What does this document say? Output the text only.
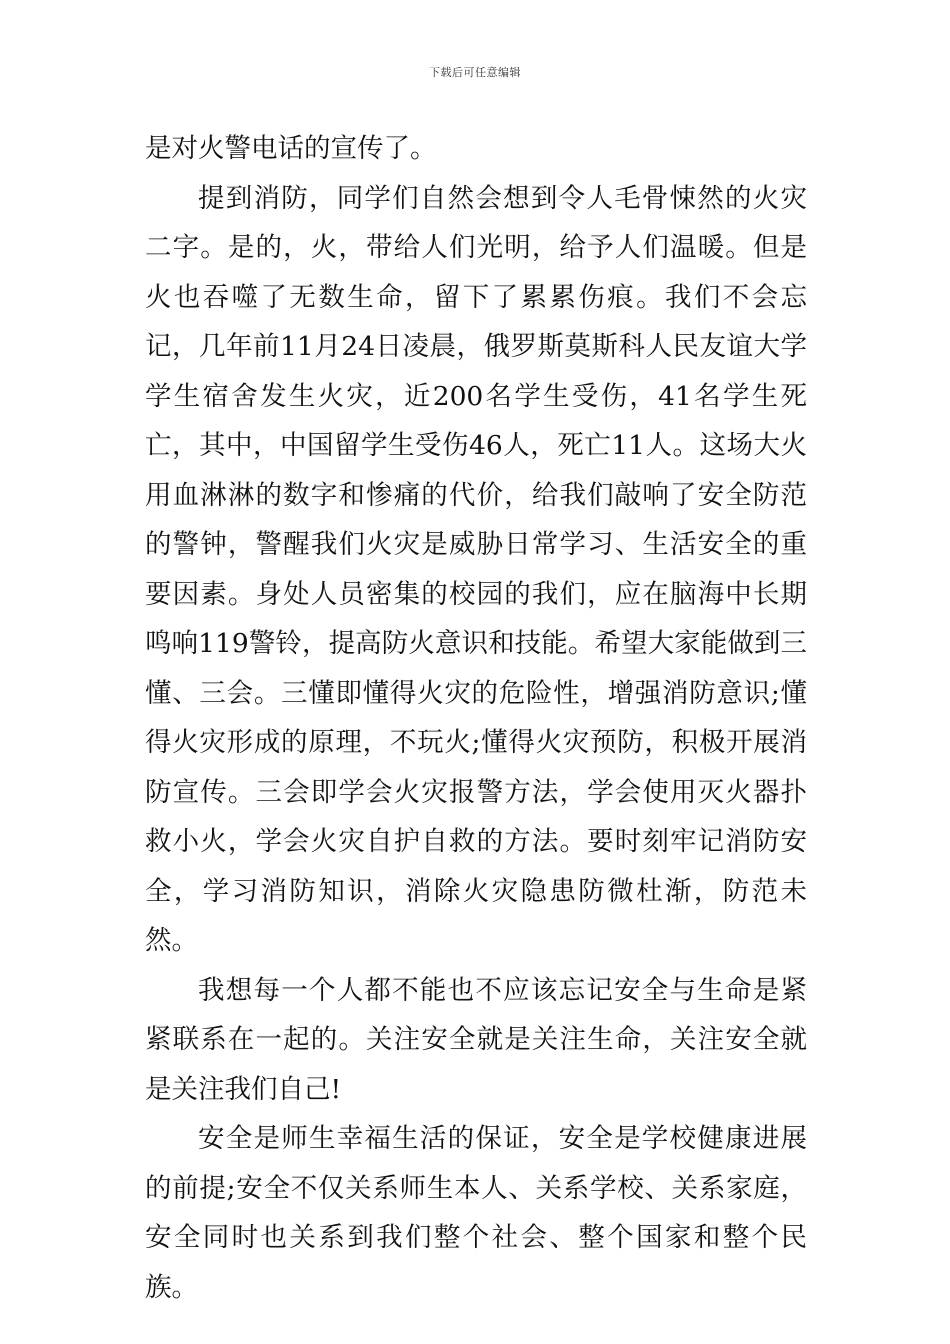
下载后可任意编辑

是对火警电话的宣传了。

提到消防，同学们自然会想到令人毛骨悚然的火灾二字。是的，火，带给人们光明，给予人们温暖。但是火也吞噬了无数生命，留下了累累伤痕。我们不会忘记，几年前11月24日凌晨，俄罗斯莫斯科人民友谊大学学生宿舍发生火灾，近200名学生受伤，41名学生死亡，其中，中国留学生受伤46人，死亡11人。这场大火用血淋淋的数字和惨痛的代价，给我们敲响了安全防范的警钟，警醒我们火灾是威胁日常学习、生活安全的重要因素。身处人员密集的校园的我们，应在脑海中长期鸣响119警铃，提高防火意识和技能。希望大家能做到三懂、三会。三懂即懂得火灾的危险性，增强消防意识;懂得火灾形成的原理，不玩火;懂得火灾预防，积极开展消防宣传。三会即学会火灾报警方法，学会使用灭火器扑救小火，学会火灾自护自救的方法。要时刻牢记消防安全，学习消防知识，消除火灾隐患防微杜渐，防范未然。

我想每一个人都不能也不应该忘记安全与生命是紧紧联系在一起的。关注安全就是关注生命，关注安全就是关注我们自己!

安全是师生幸福生活的保证，安全是学校健康进展的前提;安全不仅关系师生本人、关系学校、关系家庭，安全同时也关系到我们整个社会、整个国家和整个民族。
